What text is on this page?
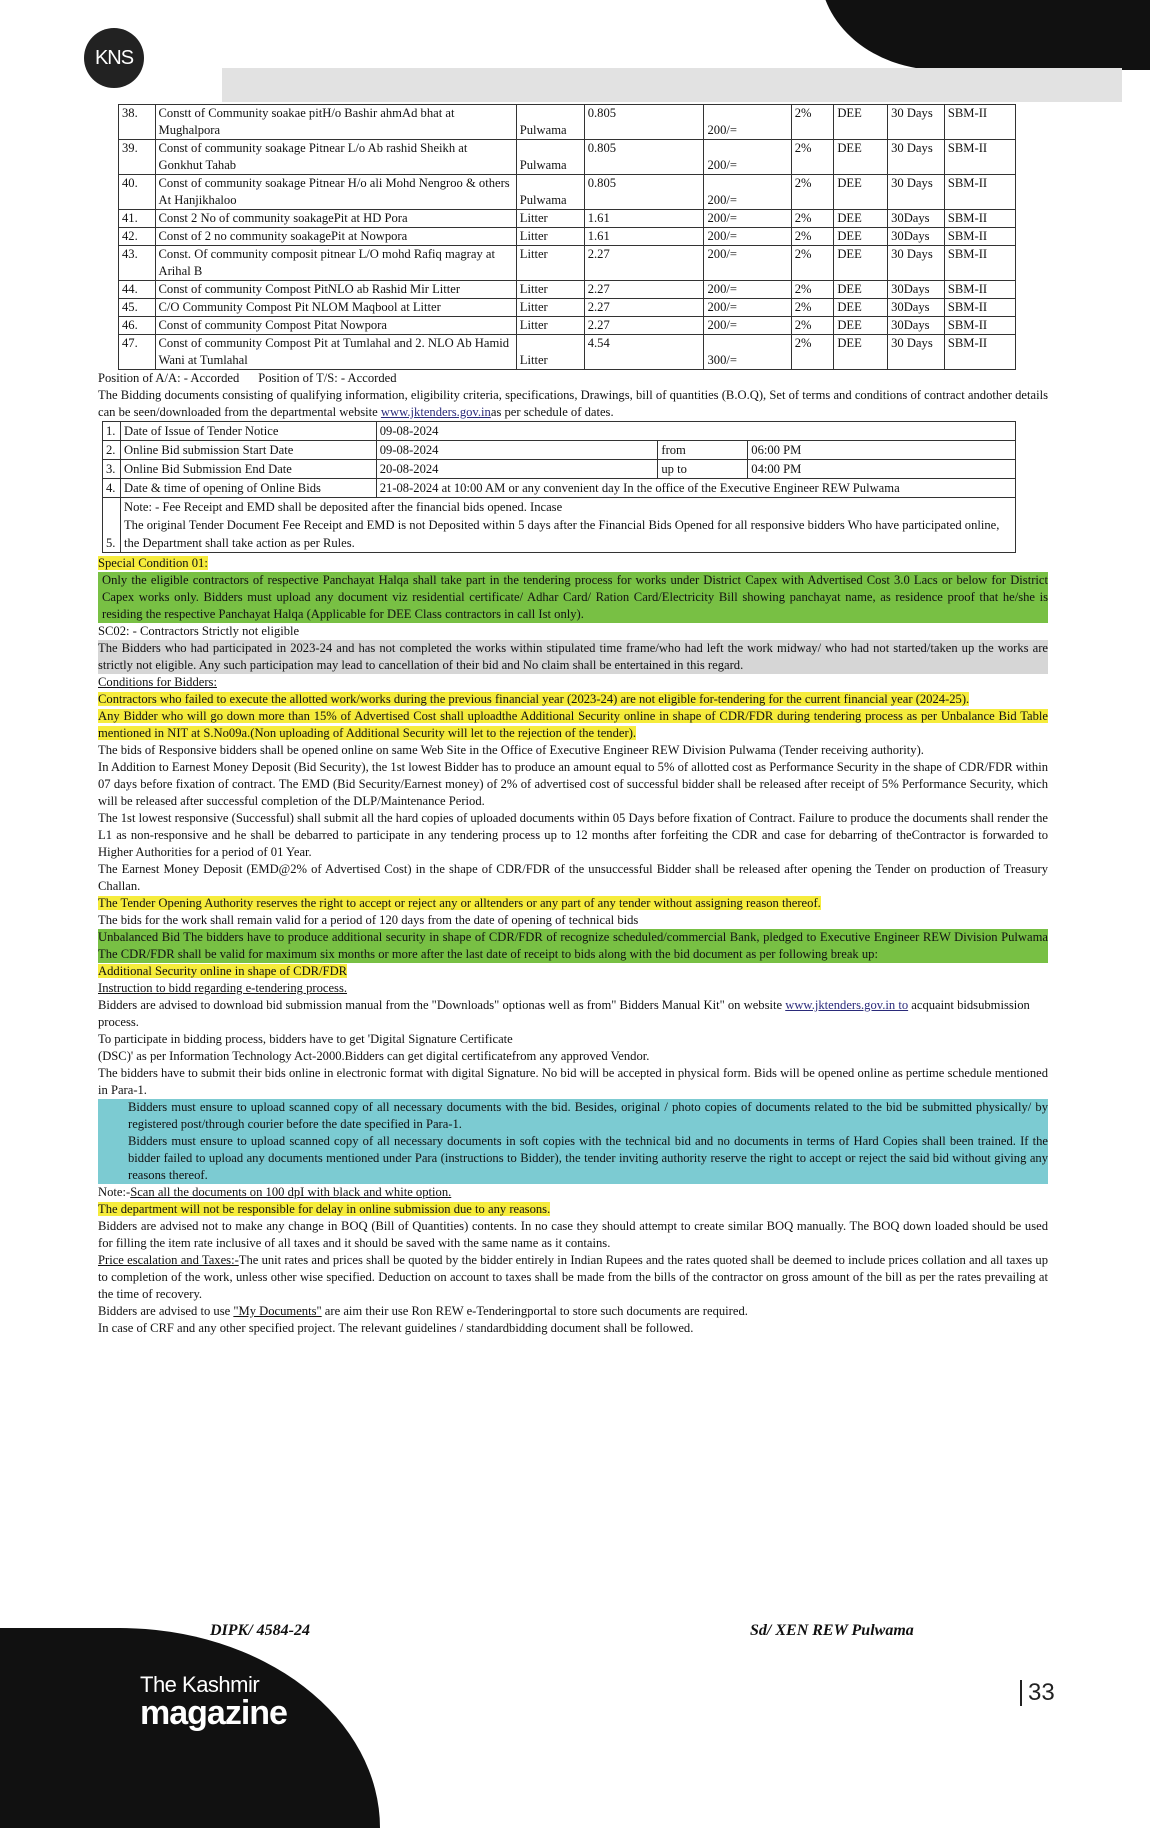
KNS
38.	Constt of Community soakae pitH/o Bashir ahmAd bhat at Mughalpora	Pulwama	0.805	200/=	2%	DEE	30 Days	SBM-II
39.	Const of community soakage Pitnear L/o Ab rashid Sheikh at Gonkhut Tahab	Pulwama	0.805	200/=	2%	DEE	30 Days	SBM-II
40.	Const of community soakage Pitnear H/o ali Mohd Nengroo & others At Hanjikhaloo	Pulwama	0.805	200/=	2%	DEE	30 Days	SBM-II
41.	Const 2 No of community soakagePit at HD Pora	Litter	1.61	200/=	2%	DEE	30Days	SBM-II
42.	Const of 2 no community soakagePit at Nowpora	Litter	1.61	200/=	2%	DEE	30Days	SBM-II
43.	Const. Of community composit pitnear L/O mohd Rafiq magray at Arihal B	Litter	2.27	200/=	2%	DEE	30 Days	SBM-II
44.	Const of community Compost PitNLO ab Rashid Mir Litter	Litter	2.27	200/=	2%	DEE	30Days	SBM-II
45.	C/O Community Compost Pit NLOM Maqbool at Litter	Litter	2.27	200/=	2%	DEE	30Days	SBM-II
46.	Const of community Compost Pitat Nowpora	Litter	2.27	200/=	2%	DEE	30Days	SBM-II
47.	Const of community Compost Pit at Tumlahal and 2. NLO Ab Hamid Wani at Tumlahal	Litter	4.54	300/=	2%	DEE	30 Days	SBM-II

Position of A/A: - Accorded      Position of T/S: - Accorded

The Bidding documents consisting of qualifying information, eligibility criteria, specifications, Drawings, bill of quantities (B.O.Q), Set of terms and conditions of contract andother details can be seen/downloaded from the departmental website www.jktenders.gov.inas per schedule of dates.

1.	Date of Issue of Tender Notice	09-08-2024		
2.	Online Bid submission Start Date	09-08-2024	from	06:00 PM
3.	Online Bid Submission End Date	20-08-2024	up to	04:00 PM
4.	Date & time of opening of Online Bids	21-08-2024 at 10:00 AM or any convenient day In the office of the Executive Engineer REW Pulwama		
5.	Note: - Fee Receipt and EMD shall be deposited after the financial bids opened. Incase
The original Tender Document Fee Receipt and EMD is not Deposited within 5 days after the Financial Bids Opened for all responsive bidders Who have participated online, the Department shall take action as per Rules.			

Special Condition 01:

Only the eligible contractors of respective Panchayat Halqa shall take part in the tendering process for works under District Capex with Advertised Cost 3.0 Lacs or below for District Capex works only. Bidders must upload any document viz residential certificate/ Adhar Card/ Ration Card/Electricity Bill showing panchayat name, as residence proof that he/she is residing the respective Panchayat Halqa (Applicable for DEE Class contractors in call Ist only).

SC02: - Contractors Strictly not eligible

The Bidders who had participated in 2023-24 and has not completed the works within stipulated time frame/who had left the work midway/ who had not started/taken up the works are strictly not eligible. Any such participation may lead to cancellation of their bid and No claim shall be entertained in this regard.

Conditions for Bidders:

Contractors who failed to execute the allotted work/works during the previous financial year (2023-24) are not eligible for-tendering for the current financial year (2024-25).

Any Bidder who will go down more than 15% of Advertised Cost shall uploadthe Additional Security online in shape of CDR/FDR during tendering process as per Unbalance Bid Table mentioned in NIT at S.No09a.(Non uploading of Additional Security will let to the rejection of the tender).

The bids of Responsive bidders shall be opened online on same Web Site in the Office of Executive Engineer REW Division Pulwama (Tender receiving authority).

In Addition to Earnest Money Deposit (Bid Security), the 1st lowest Bidder has to produce an amount equal to 5% of allotted cost as Performance Security in the shape of CDR/FDR within 07 days before fixation of contract. The EMD (Bid Security/Earnest money) of 2% of advertised cost of successful bidder shall be released after receipt of 5% Performance Security, which will be released after successful completion of the DLP/Maintenance Period.

The 1st lowest responsive (Successful) shall submit all the hard copies of uploaded documents within 05 Days before fixation of Contract. Failure to produce the documents shall render the L1 as non-responsive and he shall be debarred to participate in any tendering process up to 12 months after forfeiting the CDR and case for debarring of theContractor is forwarded to Higher Authorities for a period of 01 Year.

The Earnest Money Deposit (EMD@2% of Advertised Cost) in the shape of CDR/FDR of the unsuccessful Bidder shall be released after opening the Tender on production of Treasury Challan.

The Tender Opening Authority reserves the right to accept or reject any or alltenders or any part of any tender without assigning reason thereof.

The bids for the work shall remain valid for a period of 120 days from the date of opening of technical bids

Unbalanced Bid The bidders have to produce additional security in shape of CDR/FDR of recognize scheduled/commercial Bank, pledged to Executive Engineer REW Division Pulwama The CDR/FDR shall be valid for maximum six months or more after the last date of receipt to bids along with the bid document as per following break up:

Additional Security online in shape of CDR/FDR

Instruction to bidd regarding e-tendering process.

Bidders are advised to download bid submission manual from the "Downloads" optionas well as from" Bidders Manual Kit" on website www.jktenders.gov.in to acquaint bidsubmission process.

To participate in bidding process, bidders have to get 'Digital Signature Certificate

(DSC)' as per Information Technology Act-2000.Bidders can get digital certificatefrom any approved Vendor.

The bidders have to submit their bids online in electronic format with digital Signature. No bid will be accepted in physical form. Bids will be opened online as pertime schedule mentioned in Para-1.

Bidders must ensure to upload scanned copy of all necessary documents with the bid. Besides, original / photo copies of documents related to the bid be submitted physically/ by registered post/through courier before the date specified in Para-1.

Bidders must ensure to upload scanned copy of all necessary documents in soft copies with the technical bid and no documents in terms of Hard Copies shall been trained. If the bidder failed to upload any documents mentioned under Para (instructions to Bidder), the tender inviting authority reserve the right to accept or reject the said bid without giving any reasons thereof.

Note:-Scan all the documents on 100 dpI with black and white option.

The department will not be responsible for delay in online submission due to any reasons.

Bidders are advised not to make any change in BOQ (Bill of Quantities) contents. In no case they should attempt to create similar BOQ manually. The BOQ down loaded should be used for filling the item rate inclusive of all taxes and it should be saved with the same name as it contains.

Price escalation and Taxes:-The unit rates and prices shall be quoted by the bidder entirely in Indian Rupees and the rates quoted shall be deemed to include prices collation and all taxes up to completion of the work, unless other wise specified. Deduction on account to taxes shall be made from the bills of the contractor on gross amount of the bill as per the rates prevailing at the time of recovery.

Bidders are advised to use "My Documents" are aim their use Ron REW e-Tenderingportal to store such documents are required.

In case of CRF and any other specified project. The relevant guidelines / standardbidding document shall be followed.

DIPK/ 4584-24	Sd/ XEN REW Pulwama
The Kashmir
magazine
33
